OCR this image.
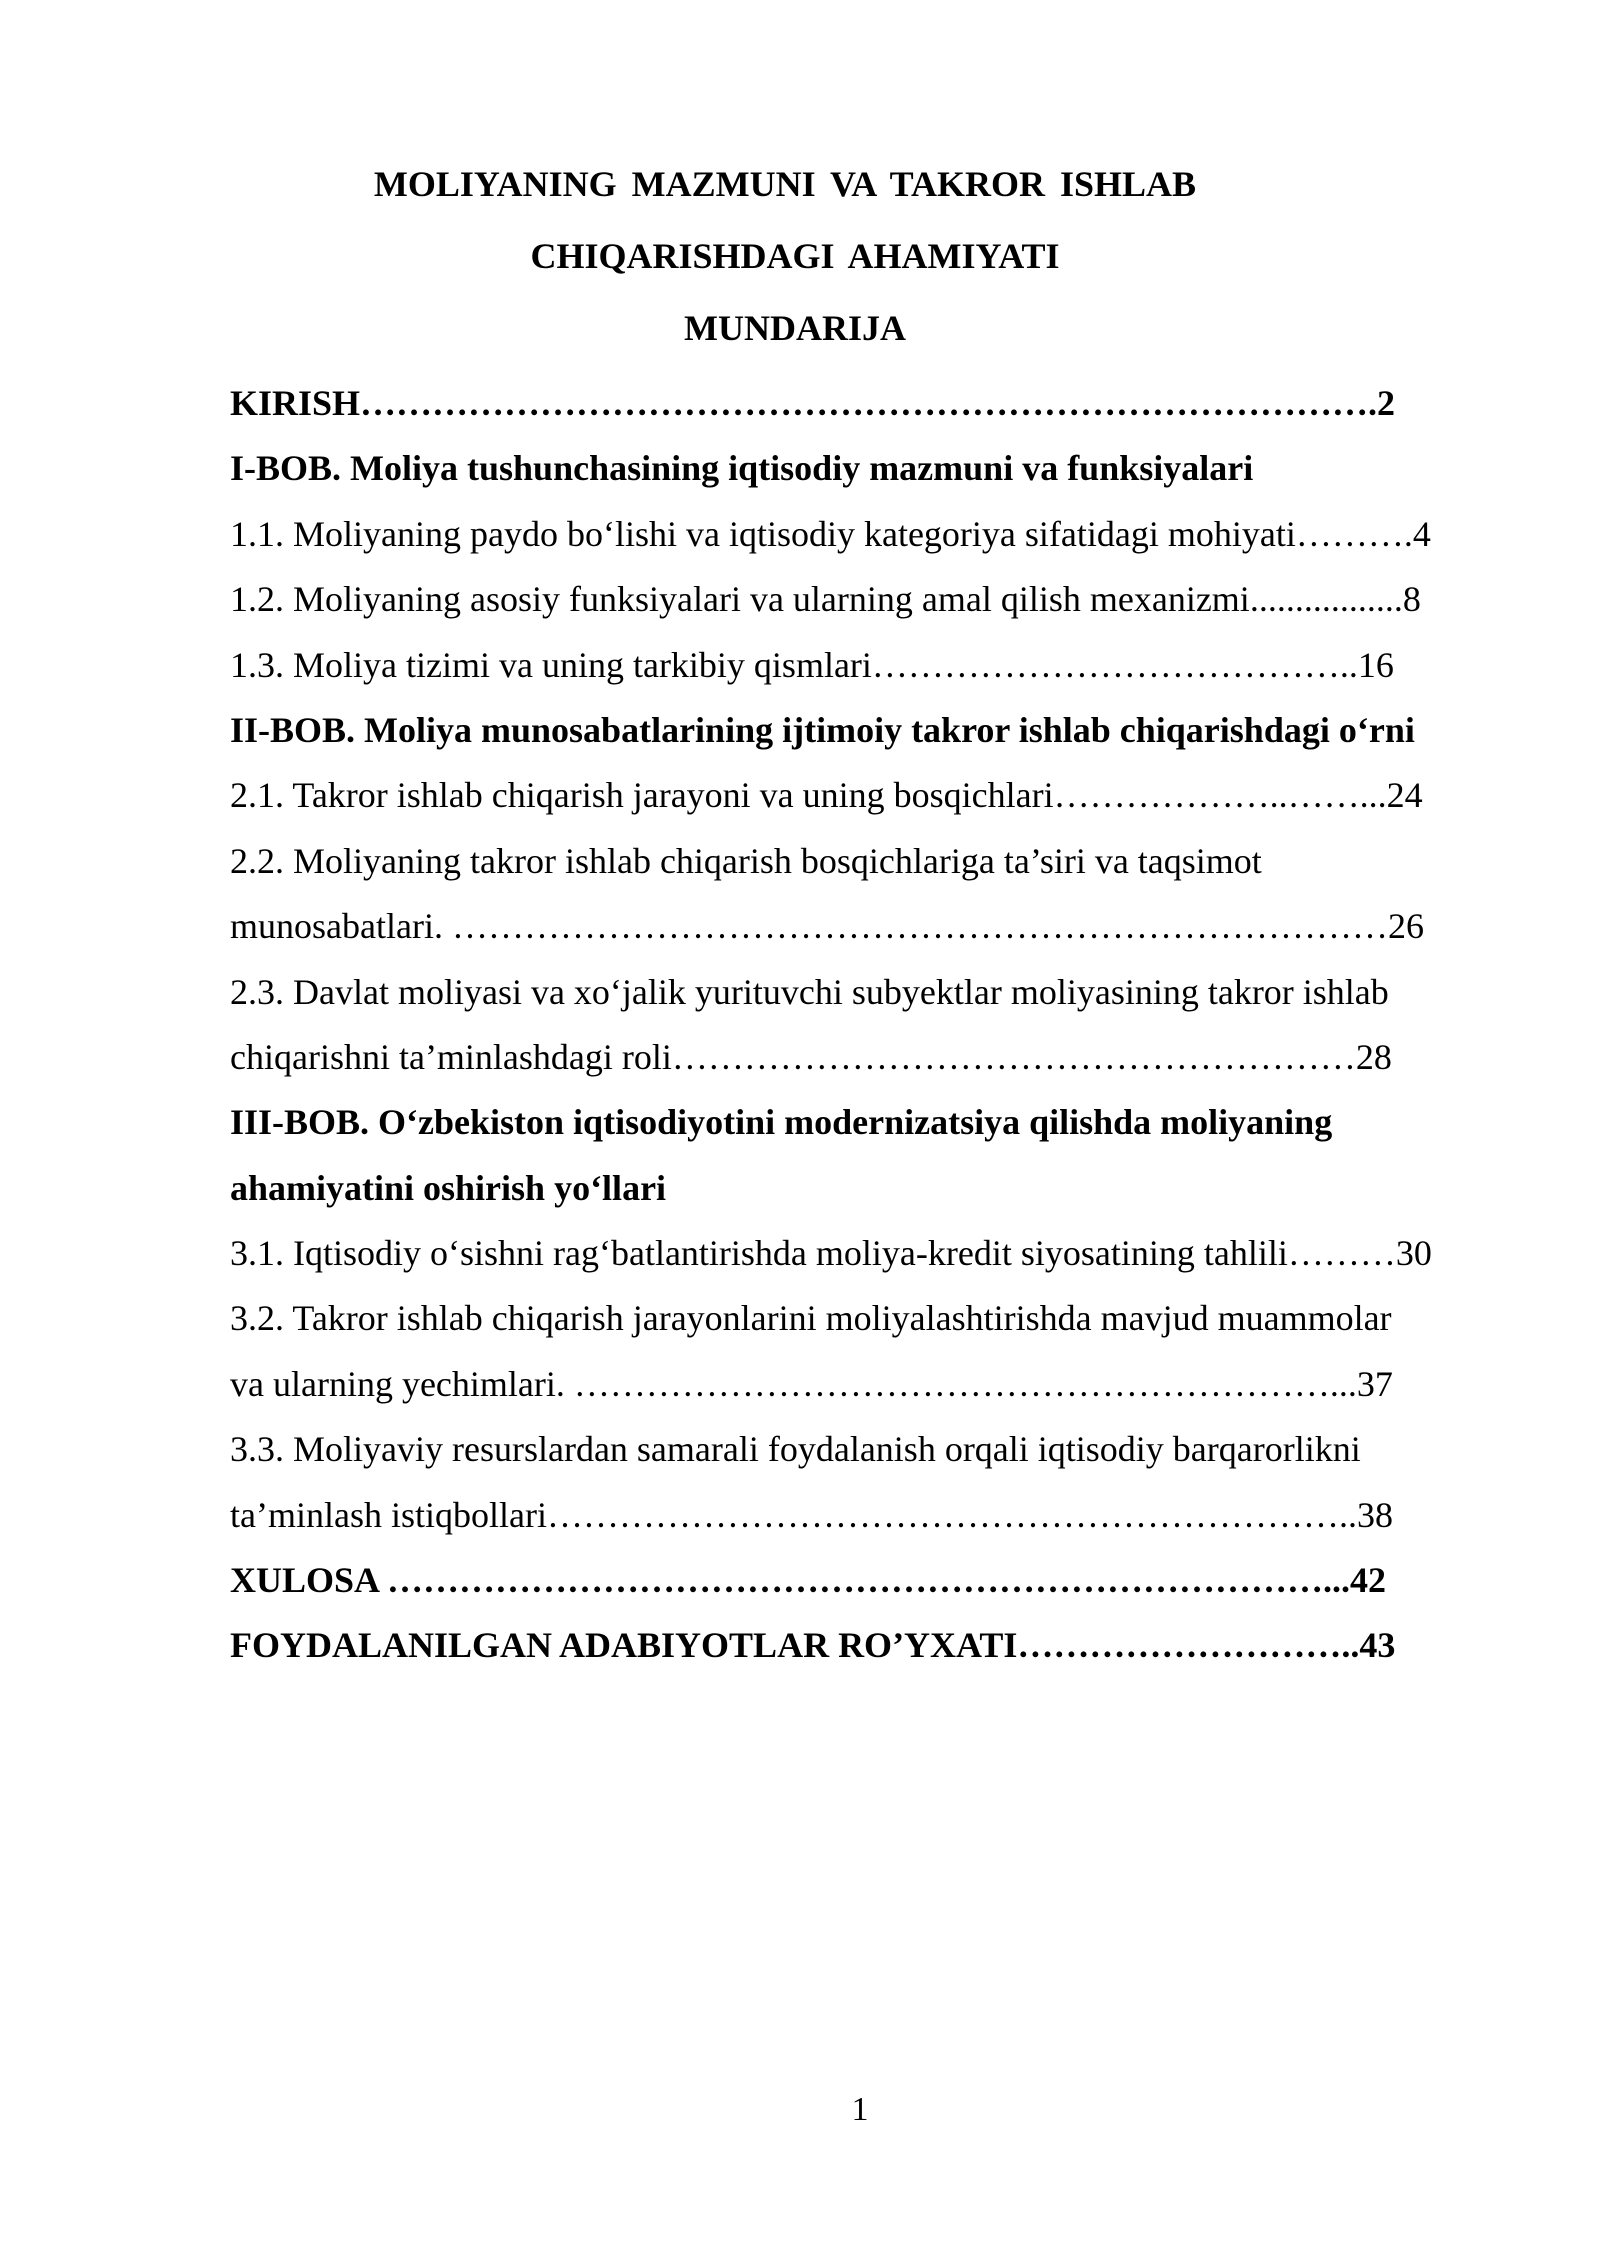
MOLIYANING MAZMUNI VA TAKROR ISHLAB
CHIQARISHDAGI AHAMIYATI
MUNDARIJA
KIRISH………………………………………………………………………….2
I-BOB. Moliya tushunchasining iqtisodiy mazmuni va funksiyalari
1.1. Moliyaning paydo bo‘lishi va iqtisodiy kategoriya sifatidagi mohiyati……….4
1.2. Moliyaning asosiy funksiyalari va ularning amal qilish mexanizmi.................8
1.3. Moliya tizimi va uning tarkibiy qismlari…………………………………..16
II-BOB. Moliya munosabatlarining ijtimoiy takror ishlab chiqarishdagi o‘rni
2.1. Takror ishlab chiqarish jarayoni va uning bosqichlari………………..……...24
2.2. Moliyaning takror ishlab chiqarish bosqichlariga ta’siri va taqsimot
munosabatlari. ……………………………………………………………………26
2.3. Davlat moliyasi va xo‘jalik yurituvchi subyektlar moliyasining takror ishlab
chiqarishni ta’minlashdagi roli…………………………………………………28
III-BOB. O‘zbekiston iqtisodiyotini modernizatsiya qilishda moliyaning
ahamiyatini oshirish yo‘llari
3.1. Iqtisodiy o‘sishni rag‘batlantirishda moliya-kredit siyosatining tahlili………30
3.2. Takror ishlab chiqarish jarayonlarini moliyalashtirishda mavjud muammolar
va ularning yechimlari. ………………………………………………………...37
3.3. Moliyaviy resurslardan samarali foydalanish orqali iqtisodiy barqarorlikni
ta’minlash istiqbollari…………………………………………………………..38
XULOSA ……………………………………………………………………...42
FOYDALANILGAN ADABIYOTLAR RO’YXATI………………………..43
1
